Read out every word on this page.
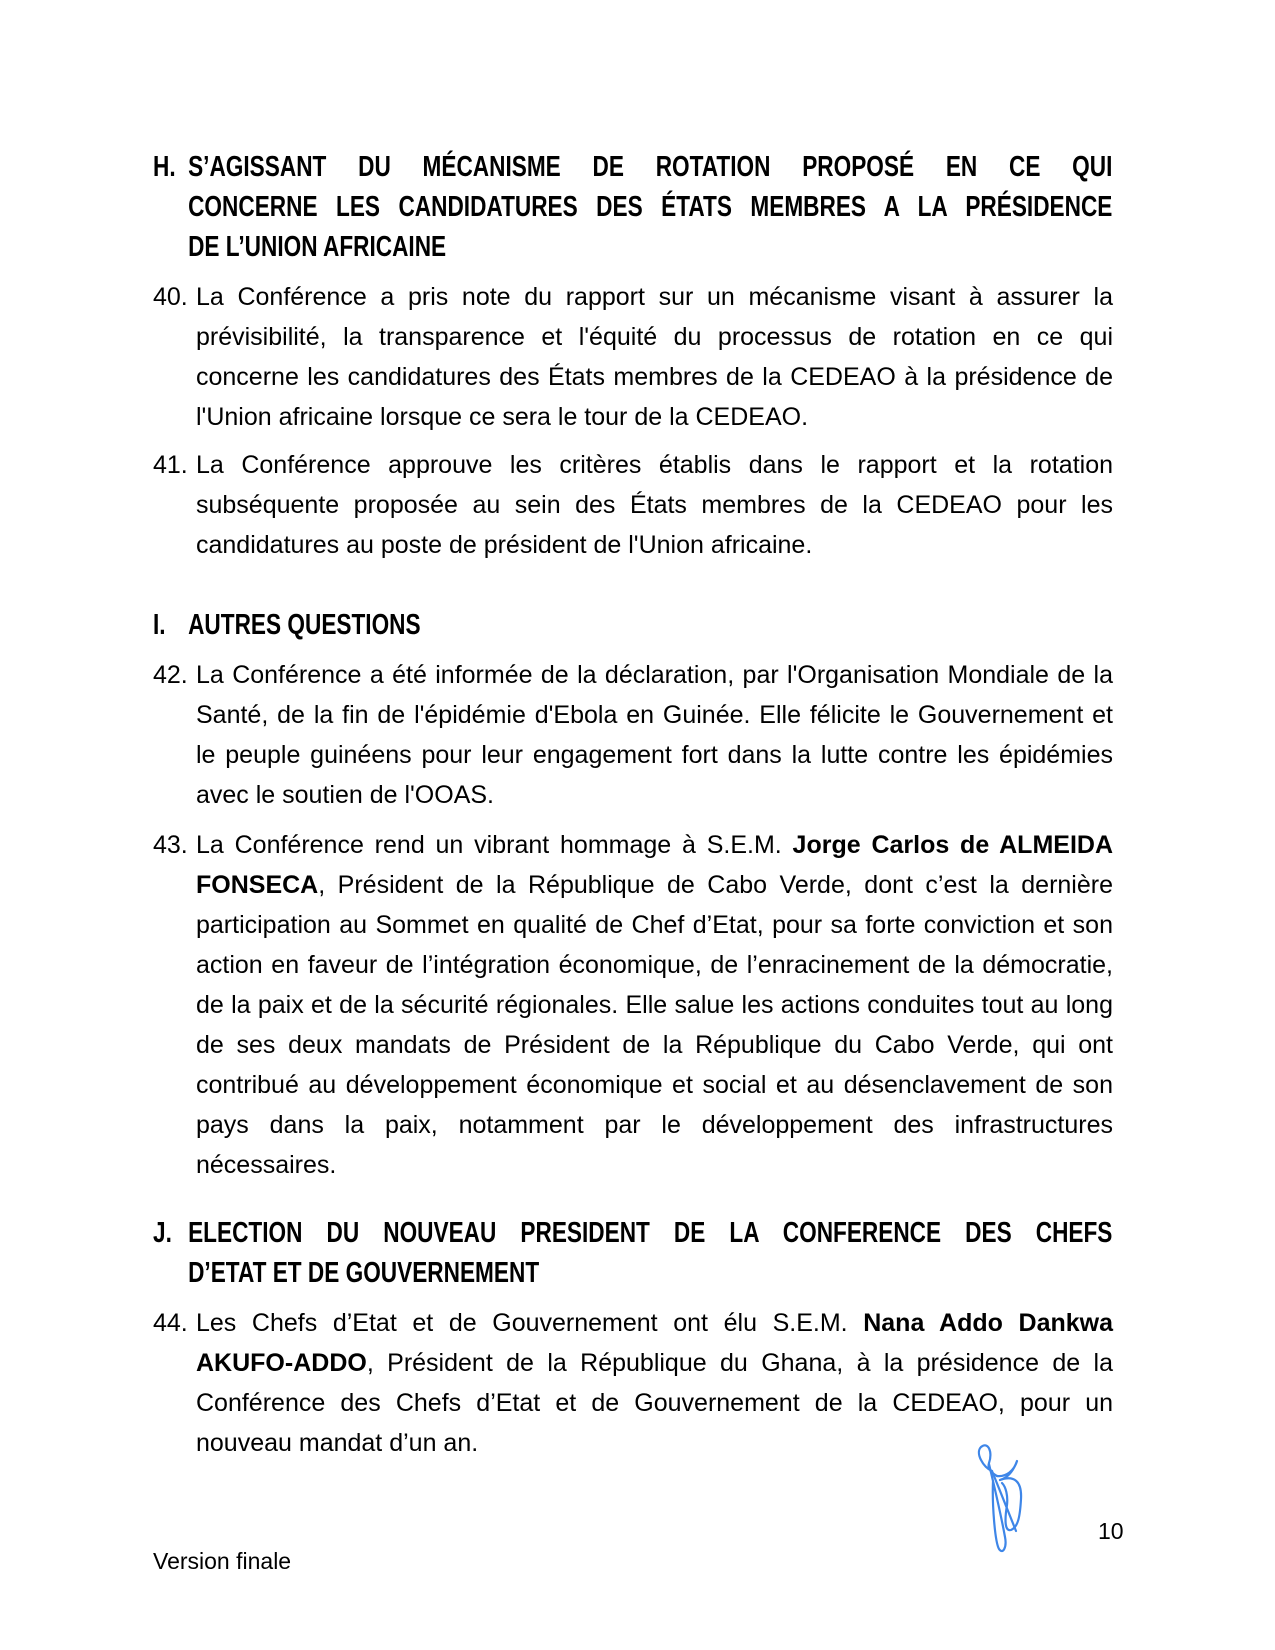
H. S’AGISSANT DU MÉCANISME DE ROTATION PROPOSÉ EN CE QUI
CONCERNE LES CANDIDATURES DES ÉTATS MEMBRES A LA PRÉSIDENCE
DE L’UNION AFRICAINE
40. La Conférence a pris note du rapport sur un mécanisme visant à assurer la prévisibilité, la transparence et l'équité du processus de rotation en ce qui concerne les candidatures des États membres de la CEDEAO à la présidence de l'Union africaine lorsque ce sera le tour de la CEDEAO.

41. La Conférence approuve les critères établis dans le rapport et la rotation subséquente proposée au sein des États membres de la CEDEAO pour les candidatures au poste de président de l'Union africaine.

I. AUTRES QUESTIONS
42. La Conférence a été informée de la déclaration, par l'Organisation Mondiale de la Santé, de la fin de l'épidémie d'Ebola en Guinée. Elle félicite le Gouvernement et le peuple guinéens pour leur engagement fort dans la lutte contre les épidémies avec le soutien de l'OOAS.

43. La Conférence rend un vibrant hommage à S.E.M. Jorge Carlos de ALMEIDA FONSECA, Président de la République de Cabo Verde, dont c’est la dernière participation au Sommet en qualité de Chef d’Etat, pour sa forte conviction et son action en faveur de l’intégration économique, de l’enracinement de la démocratie, de la paix et de la sécurité régionales. Elle salue les actions conduites tout au long de ses deux mandats de Président de la République du Cabo Verde, qui ont contribué au développement économique et social et au désenclavement de son pays dans la paix, notamment par le développement des infrastructures nécessaires.

J. ELECTION DU NOUVEAU PRESIDENT DE LA CONFERENCE DES CHEFS
D’ETAT ET DE GOUVERNEMENT
44. Les Chefs d’Etat et de Gouvernement ont élu S.E.M. Nana Addo Dankwa AKUFO-ADDO, Président de la République du Ghana, à la présidence de la Conférence des Chefs d’Etat et de Gouvernement de la CEDEAO, pour un nouveau mandat d’un an.

10
Version finale
